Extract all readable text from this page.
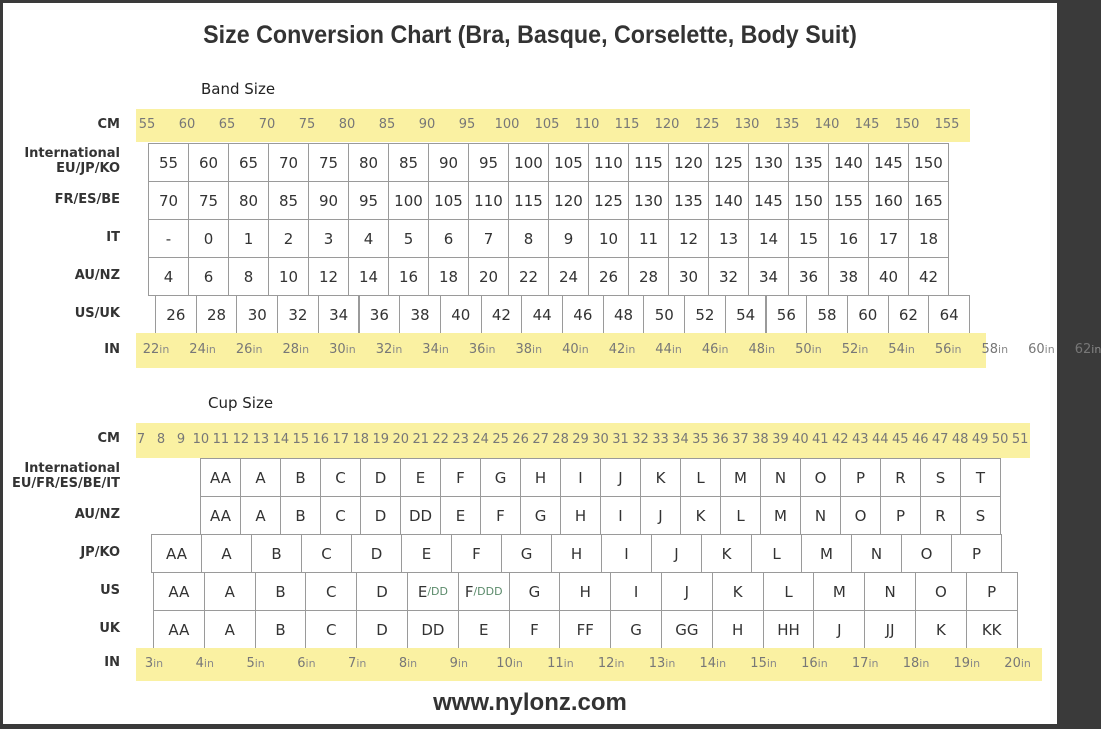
Size Conversion Chart (Bra, Basque, Corselette, Body Suit)
Band Size
Cup Size
CM 55 60 65 70 75 80 85 90 95 100 105 110 115 120 125 130 135 140 145 150 155
International
EU/JP/KO	55 60 65 70 75 80 85 90 95 100 105 110 115 120 125 130 135 140 145 150
FR/ES/BE	70 75 80 85 90 95 100 105 110 115 120 125 130 135 140 145 150 155 160 165
IT	- 0 1 2 3 4 5 6 7 8 9 10 11 12 13 14 15 16 17 18
AU/NZ	4 6 8 10 12 14 16 18 20 22 24 26 28 30 32 34 36 38 40 42
US/UK	26 28 30 32 34 36 38 40 42 44 46 48 50 52 54 56 58 60 62 64
IN 22in 24in 26in 28in 30in 32in 34in 36in 38in 40in 42in 44in 46in 48in 50in 52in 54in 56in 58in 60in 62in
CM 7 8 9 10 11 12 13 14 15 16 17 18 19 20 21 22 23 24 25 26 27 28 29 30 31 32 33 34 35 36 37 38 39 40 41 42 43 44 45 46 47 48 49 50 51
International
EU/FR/ES/BE/IT	AA A B C D E F G H I J K L M N O P R S T
AU/NZ	AA A B C D DD E F G H I J K L M N O P R S
JP/KO	AA A	B	C	D	E	F	G	H	I	J	K	L	M	N	O	P
US	AA A	B	C	D E /DD F /DDD G	H	I	J	K	L	M	N	O	P
UK	AA A	B	C	D DD E	F	FF G GG H HH J	JJ	K KK
IN 3in 4in 5in 6in 7in	8in 9in 10in 11in 12in 13in 14in 15in 16in 17in 18in 19in 20in
www.nylonz.com
